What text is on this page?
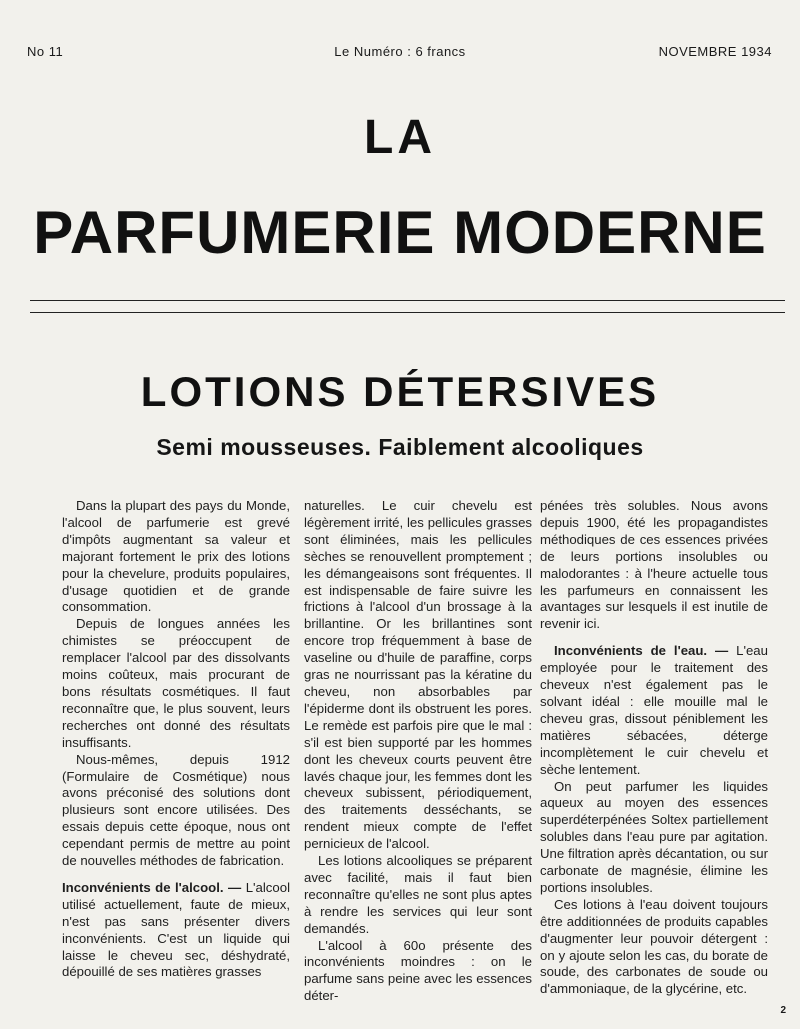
No 11	Le Numéro : 6 francs	NOVEMBRE 1934
LA
PARFUMERIE MODERNE
LOTIONS DÉTERSIVES
Semi mousseuses. Faiblement alcooliques

Dans la plupart des pays du Monde, l'alcool de parfumerie est grevé d'impôts augmentant sa valeur et majorant fortement le prix des lotions pour la chevelure, produits populaires, d'usage quotidien et de grande consommation.

Depuis de longues années les chimistes se préoccupent de remplacer l'alcool par des dissolvants moins coûteux, mais procurant de bons résultats cosmétiques. Il faut reconnaître que, le plus souvent, leurs recherches ont donné des résultats insuffisants.

Nous-mêmes, depuis 1912 (Formulaire de Cosmétique) nous avons préconisé des solutions dont plusieurs sont encore utilisées. Des essais depuis cette époque, nous ont cependant permis de mettre au point de nouvelles méthodes de fabrication.

Inconvénients de l'alcool. — L'alcool utilisé actuellement, faute de mieux, n'est pas sans présenter divers inconvénients. C'est un liquide qui laisse le cheveu sec, déshydraté, dépouillé de ses matières grasses

naturelles. Le cuir chevelu est légèrement irrité, les pellicules grasses sont éliminées, mais les pellicules sèches se renouvellent promptement ; les démangeaisons sont fréquentes. Il est indispensable de faire suivre les frictions à l'alcool d'un brossage à la brillantine. Or les brillantines sont encore trop fréquemment à base de vaseline ou d'huile de paraffine, corps gras ne nourrissant pas la kératine du cheveu, non absorbables par l'épiderme dont ils obstruent les pores. Le remède est parfois pire que le mal : s'il est bien supporté par les hommes dont les cheveux courts peuvent être lavés chaque jour, les femmes dont les cheveux subissent, périodiquement, des traitements desséchants, se rendent mieux compte de l'effet pernicieux de l'alcool.

Les lotions alcooliques se préparent avec facilité, mais il faut bien reconnaître qu'elles ne sont plus aptes à rendre les services qui leur sont demandés.

L'alcool à 60o présente des inconvénients moindres : on le parfume sans peine avec les essences déter-

pénées très solubles. Nous avons depuis 1900, été les propagandistes méthodiques de ces essences privées de leurs portions insolubles ou malodorantes : à l'heure actuelle tous les parfumeurs en connaissent les avantages sur lesquels il est inutile de revenir ici.

Inconvénients de l'eau. — L'eau employée pour le traitement des cheveux n'est également pas le solvant idéal : elle mouille mal le cheveu gras, dissout péniblement les matières sébacées, déterge incomplètement le cuir chevelu et sèche lentement.

On peut parfumer les liquides aqueux au moyen des essences superdéterpénées Soltex partiellement solubles dans l'eau pure par agitation. Une filtration après décantation, ou sur carbonate de magnésie, élimine les portions insolubles.

Ces lotions à l'eau doivent toujours être additionnées de produits capables d'augmenter leur pouvoir détergent : on y ajoute selon les cas, du borate de soude, des carbonates de soude ou d'ammoniaque, de la glycérine, etc.

2
